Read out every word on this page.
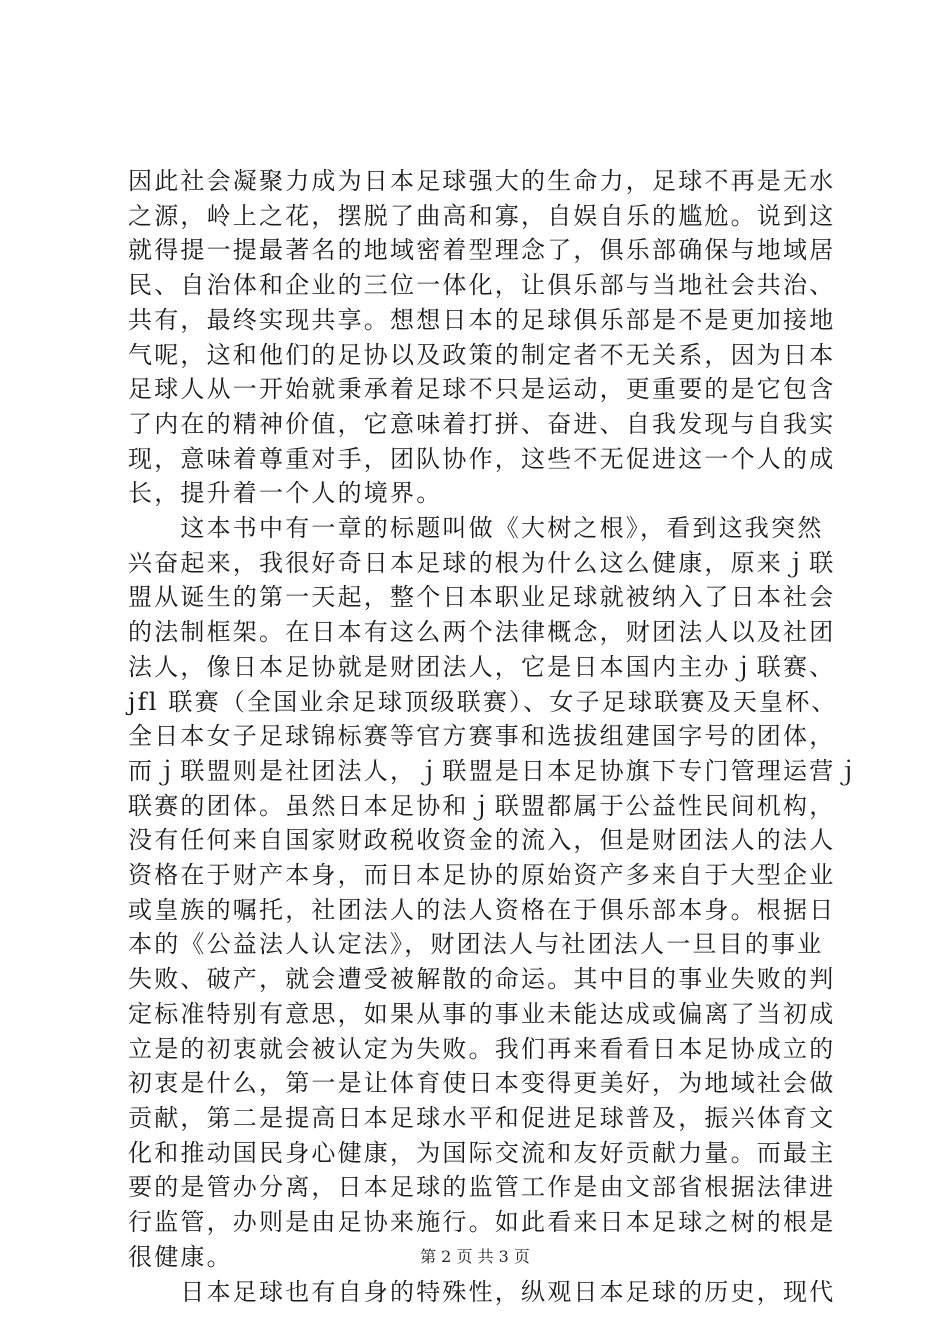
因此社会凝聚力成为日本足球强大的生命力，足球不再是无水
之源，岭上之花，摆脱了曲高和寡，自娱自乐的尴尬。说到这
就得提一提最著名的地域密着型理念了，俱乐部确保与地域居
民、自治体和企业的三位一体化，让俱乐部与当地社会共治、
共有，最终实现共享。想想日本的足球俱乐部是不是更加接地
气呢，这和他们的足协以及政策的制定者不无关系，因为日本
足球人从一开始就秉承着足球不只是运动，更重要的是它包含
了内在的精神价值，它意味着打拼、奋进、自我发现与自我实
现，意味着尊重对手，团队协作，这些不无促进这一个人的成
长，提升着一个人的境界。
　　这本书中有一章的标题叫做《大树之根》，看到这我突然
兴奋起来，我很好奇日本足球的根为什么这么健康，原来ｊ联
盟从诞生的第一天起，整个日本职业足球就被纳入了日本社会
的法制框架。在日本有这么两个法律概念，财团法人以及社团
法人，像日本足协就是财团法人，它是日本国内主办ｊ联赛、
jfl 联赛（全国业余足球顶级联赛）、女子足球联赛及天皇杯、
全日本女子足球锦标赛等官方赛事和选拔组建国字号的团体，
而ｊ联盟则是社团法人，ｊ联盟是日本足协旗下专门管理运营ｊ
联赛的团体。虽然日本足协和ｊ联盟都属于公益性民间机构，
没有任何来自国家财政税收资金的流入，但是财团法人的法人
资格在于财产本身，而日本足协的原始资产多来自于大型企业
或皇族的嘱托，社团法人的法人资格在于俱乐部本身。根据日
本的《公益法人认定法》，财团法人与社团法人一旦目的事业
失败、破产，就会遭受被解散的命运。其中目的事业失败的判
定标准特别有意思，如果从事的事业未能达成或偏离了当初成
立是的初衷就会被认定为失败。我们再来看看日本足协成立的
初衷是什么，第一是让体育使日本变得更美好，为地域社会做
贡献，第二是提高日本足球水平和促进足球普及，振兴体育文
化和推动国民身心健康，为国际交流和友好贡献力量。而最主
要的是管办分离，日本足球的监管工作是由文部省根据法律进
行监管，办则是由足协来施行。如此看来日本足球之树的根是
很健康。
　　日本足球也有自身的特殊性，纵观日本足球的历史，现代
第 2 页 共 3 页
